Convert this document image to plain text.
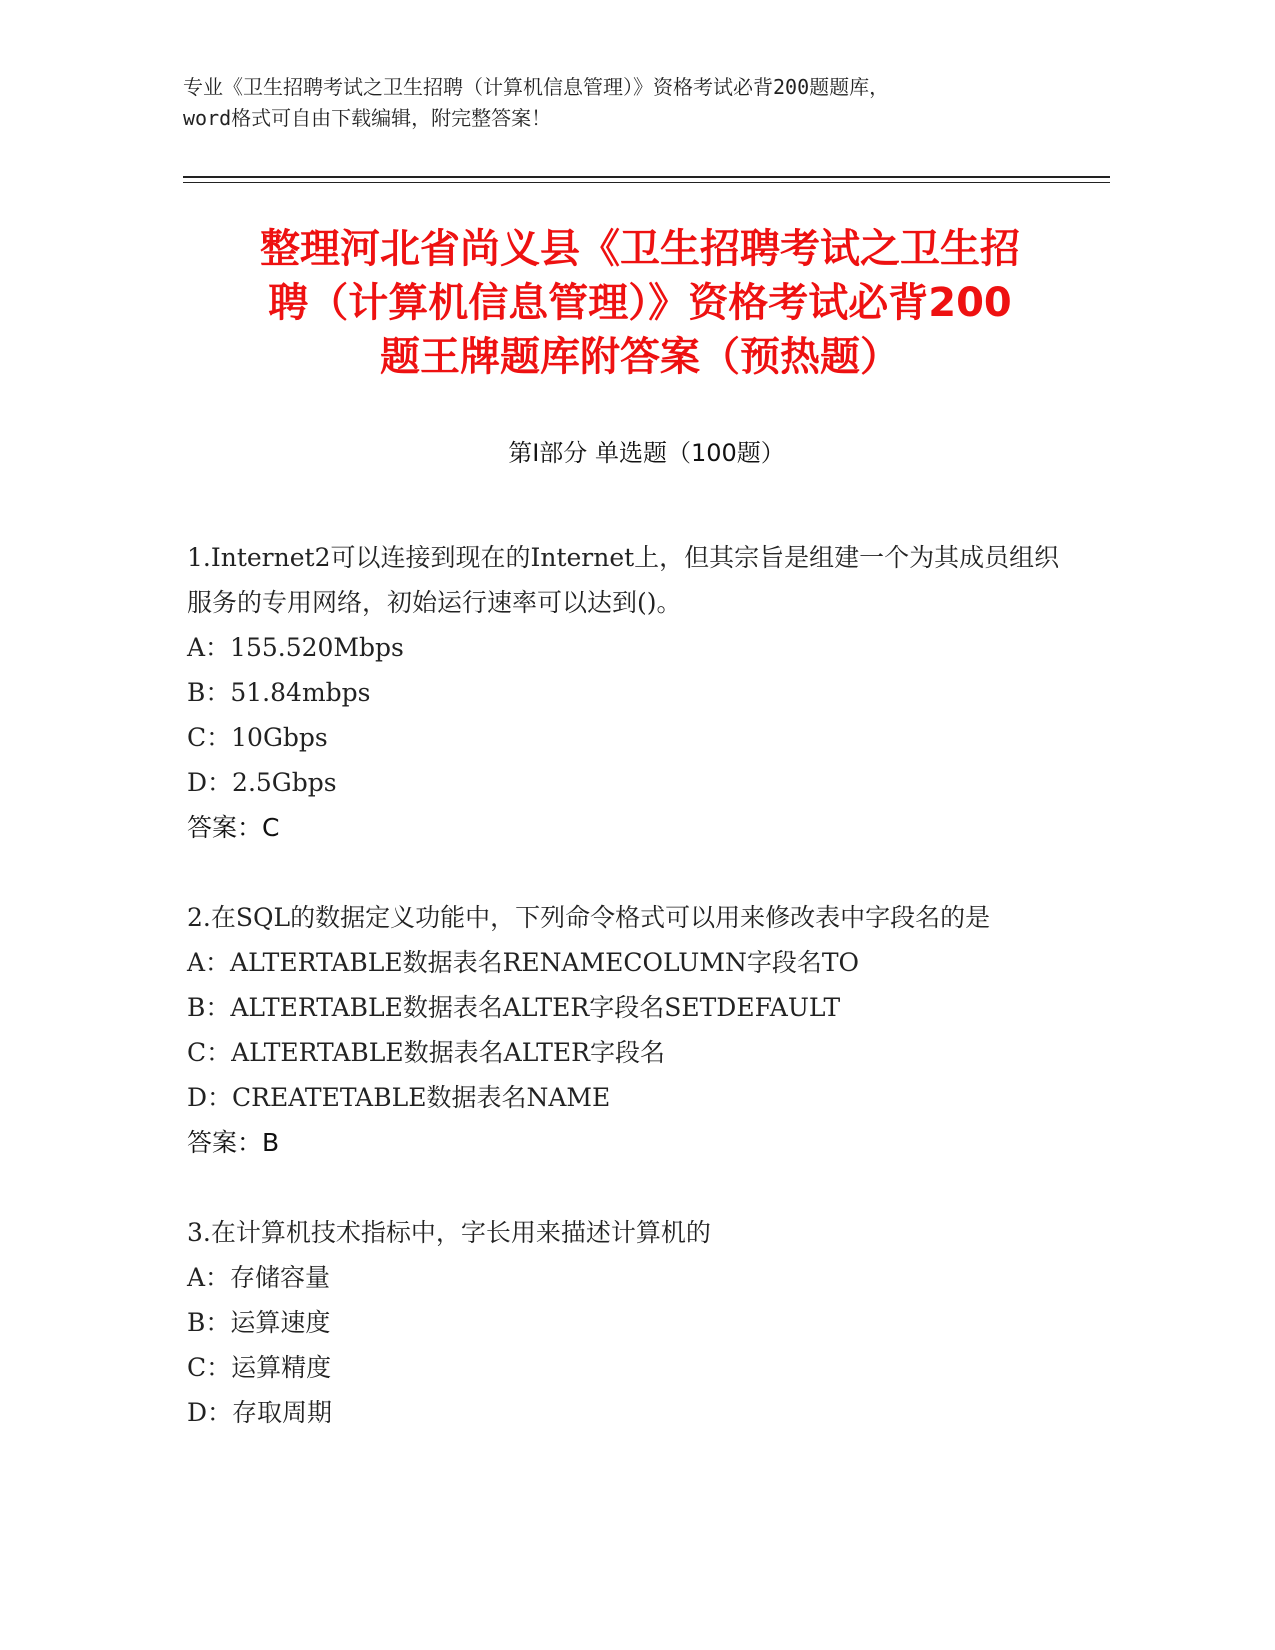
专业《卫生招聘考试之卫生招聘（计算机信息管理）》资格考试必背200题题库，
word格式可自由下载编辑，附完整答案！
整理河北省尚义县《卫生招聘考试之卫生招
聘（计算机信息管理）》资格考试必背200
题王牌题库附答案（预热题）
第Ⅰ部分 单选题（100题）

1.Internet2可以连接到现在的Internet上，但其宗旨是组建一个为其成员组织服务的专用网络，初始运行速率可以达到()。

A：155.520Mbps

B：51.84mbps

C：10Gbps

D：2.5Gbps

答案：C

2.在SQL的数据定义功能中，下列命令格式可以用来修改表中字段名的是

A：ALTERTABLE数据表名RENAMECOLUMN字段名TO

B：ALTERTABLE数据表名ALTER字段名SETDEFAULT

C：ALTERTABLE数据表名ALTER字段名

D：CREATETABLE数据表名NAME

答案：B

3.在计算机技术指标中，字长用来描述计算机的

A：存储容量

B：运算速度

C：运算精度

D：存取周期
